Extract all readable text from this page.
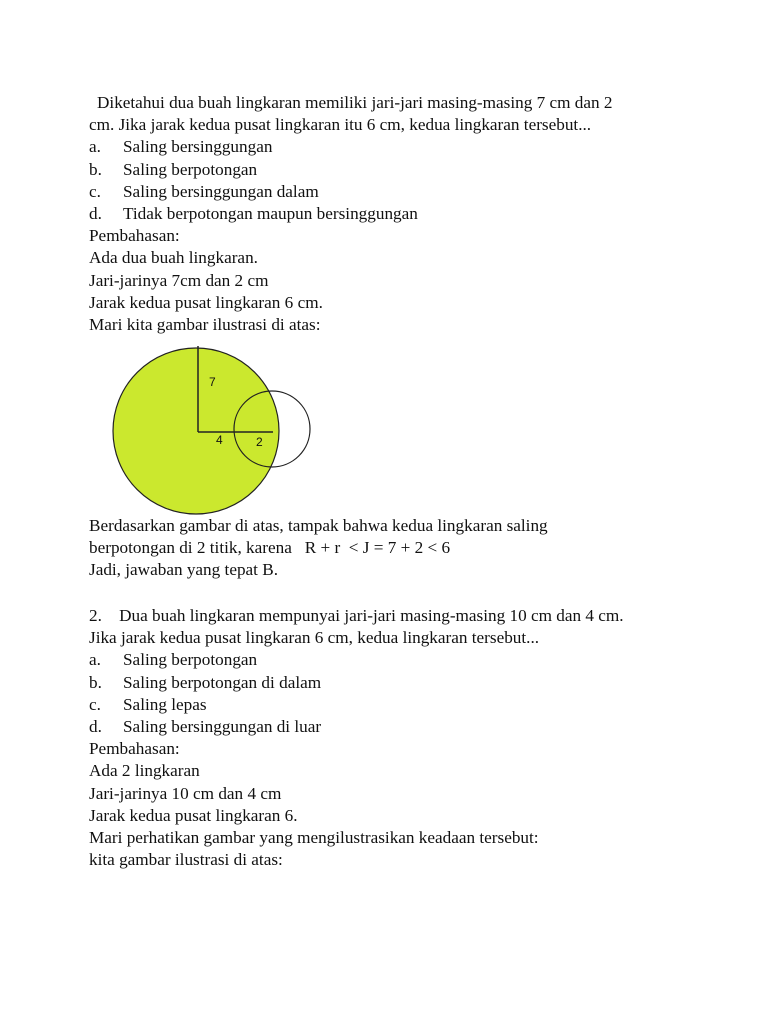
Diketahui dua buah lingkaran memiliki jari-jari masing-masing 7 cm dan 2
cm. Jika jarak kedua pusat lingkaran itu 6 cm, kedua lingkaran tersebut...
a. Saling bersinggungan
b. Saling berpotongan
c. Saling bersinggungan dalam
d. Tidak berpotongan maupun bersinggungan
Pembahasan:
Ada dua buah lingkaran.
Jari-jarinya 7cm dan 2 cm
Jarak kedua pusat lingkaran 6 cm.
Mari kita gambar ilustrasi di atas:
7
4	2
Berdasarkan gambar di atas, tampak bahwa kedua lingkaran saling
berpotongan di 2 titik, karena   R + r  < J = 7 + 2 < 6
Jadi, jawaban yang tepat B.
2.    Dua buah lingkaran mempunyai jari-jari masing-masing 10 cm dan 4 cm.
Jika jarak kedua pusat lingkaran 6 cm, kedua lingkaran tersebut...
a. Saling berpotongan
b. Saling berpotongan di dalam
c. Saling lepas
d. Saling bersinggungan di luar
Pembahasan:
Ada 2 lingkaran
Jari-jarinya 10 cm dan 4 cm
Jarak kedua pusat lingkaran 6.
Mari perhatikan gambar yang mengilustrasikan keadaan tersebut:
kita gambar ilustrasi di atas:
